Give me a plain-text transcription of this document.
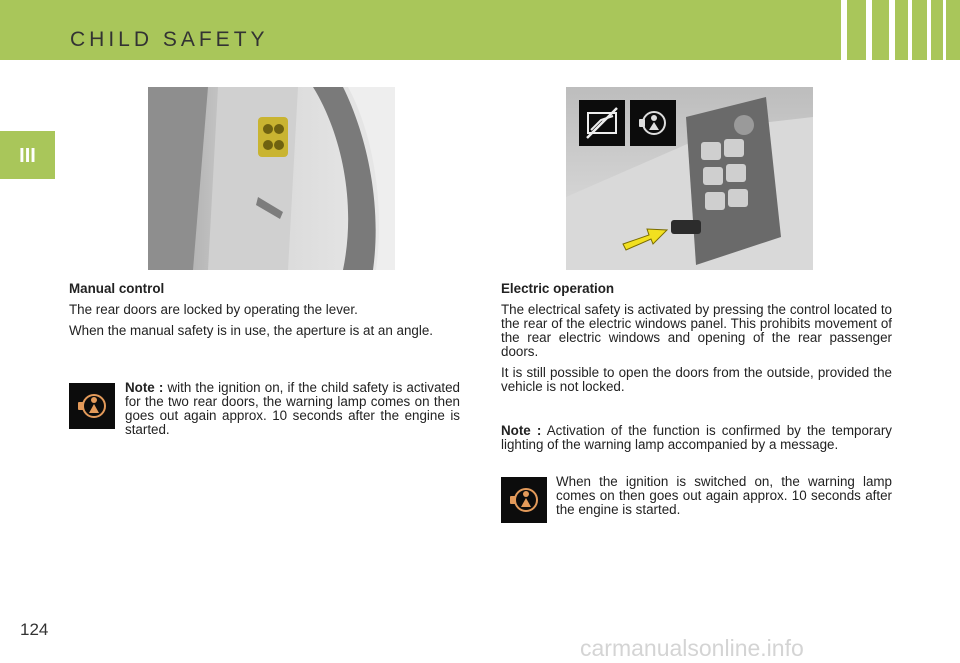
CHILD SAFETY
III

Manual control

The rear doors are locked by operating the lever.

When the manual safety is in use, the aperture is at an angle.

Note : with the ignition on, if the child safety is activated for the two rear doors, the warning lamp comes on then goes out again approx. 10 seconds after the engine is started.

Electric operation

The electrical safety is activated by pressing the control located to the rear of the electric windows panel. This prohibits movement of the rear electric windows and opening of the rear passenger doors.

It is still possible to open the doors from the outside, provided the vehicle is not locked.

Note : Activation of the function is confirmed by the temporary lighting of the warning lamp accompanied by a message.

When the ignition is switched on, the warning lamp comes on then goes out again approx. 10 seconds after the engine is started.

124
carmanualsonline.info
